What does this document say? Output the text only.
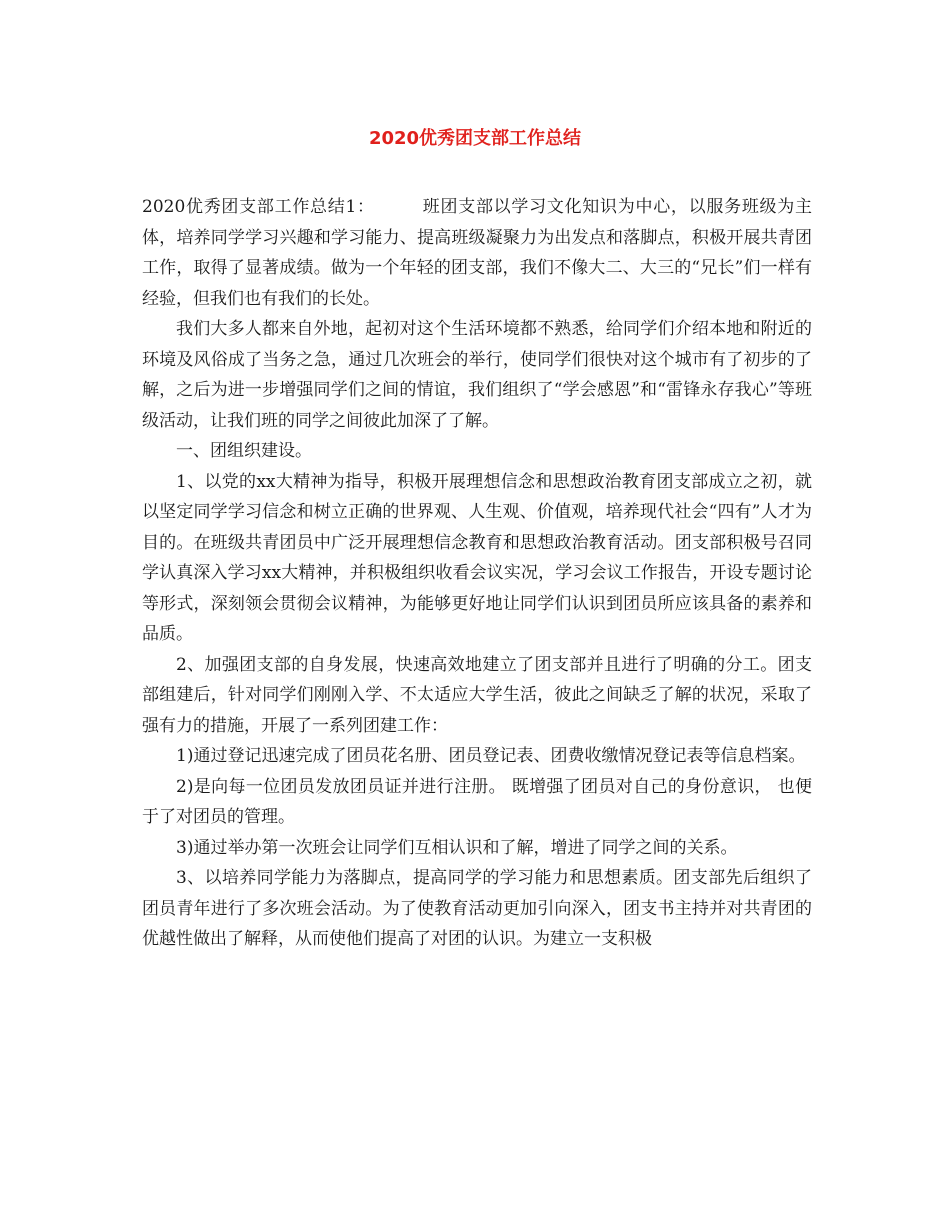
2020优秀团支部工作总结

2020优秀团支部工作总结1：	班团支部以学习文化知识为中心，以服务班级为主体，培养同学学习兴趣和学习能力、提高班级凝聚力为出发点和落脚点，积极开展共青团工作，取得了显著成绩。做为一个年轻的团支部，我们不像大二、大三的“兄长”们一样有经验，但我们也有我们的长处。

我们大多人都来自外地，起初对这个生活环境都不熟悉，给同学们介绍本地和附近的环境及风俗成了当务之急，通过几次班会的举行，使同学们很快对这个城市有了初步的了解，之后为进一步增强同学们之间的情谊，我们组织了“学会感恩”和“雷锋永存我心”等班级活动，让我们班的同学之间彼此加深了了解。

一、团组织建设。

1、以党的xx大精神为指导，积极开展理想信念和思想政治教育团支部成立之初，就以坚定同学学习信念和树立正确的世界观、人生观、价值观，培养现代社会“四有”人才为目的。在班级共青团员中广泛开展理想信念教育和思想政治教育活动。团支部积极号召同学认真深入学习xx大精神，并积极组织收看会议实况，学习会议工作报告，开设专题讨论等形式，深刻领会贯彻会议精神，为能够更好地让同学们认识到团员所应该具备的素养和品质。

2、加强团支部的自身发展，快速高效地建立了团支部并且进行了明确的分工。团支部组建后，针对同学们刚刚入学、不太适应大学生活，彼此之间缺乏了解的状况，采取了强有力的措施，开展了一系列团建工作：

1)通过登记迅速完成了团员花名册、团员登记表、团费收缴情况登记表等信息档案。

2)是向每一位团员发放团员证并进行注册。 既增强了团员对自己的身份意识， 也便于了对团员的管理。

3)通过举办第一次班会让同学们互相认识和了解，增进了同学之间的关系。

3、以培养同学能力为落脚点，提高同学的学习能力和思想素质。团支部先后组织了团员青年进行了多次班会活动。为了使教育活动更加引向深入，团支书主持并对共青团的优越性做出了解释，从而使他们提高了对团的认识。为建立一支积极
